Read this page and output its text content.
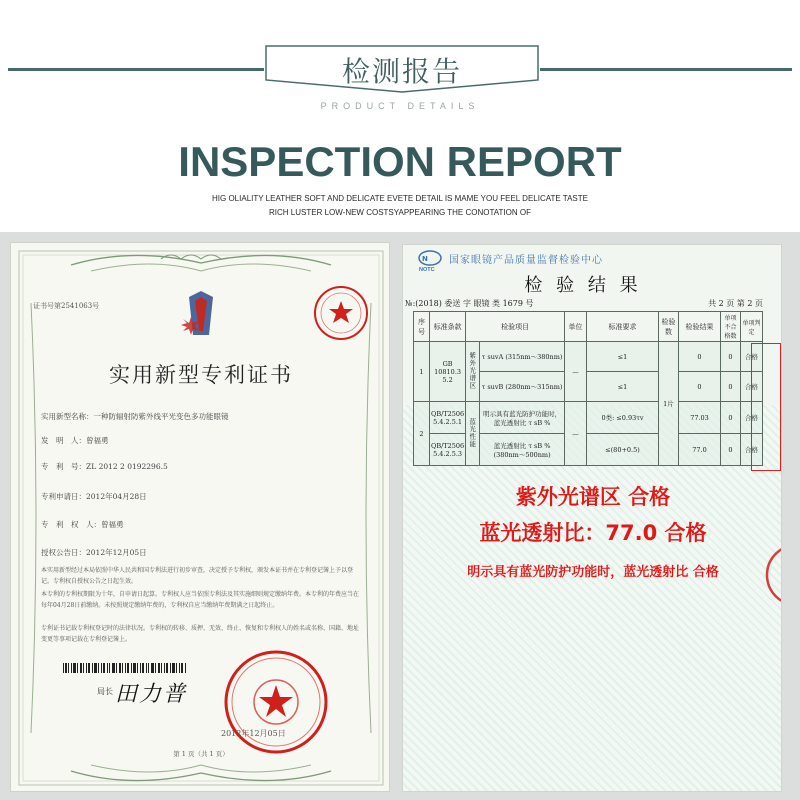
检测报告
PRODUCT DETAILS
INSPECTION REPORT
HIG OLIALITY LEATHER SOFT AND DELICATE EVETE DETAIL IS MAME YOU FEEL DELICATE TASTE
RICH LUSTER LOW-NEW COSTSYAPPEARING THE CONOTATION OF
证书号第2541063号
实用新型专利证书
实用新型名称：一种防辐射防紫外线平光变色多功能眼镜
发　明　人：曾福勇
专　利　号：ZL 2012 2 0192296.5
专利申请日：2012年04月28日
专　利　权　人：曾福勇
授权公告日：2012年12月05日
本实用新型经过本局依照中华人民共和国专利法进行初步审查，决定授予专利权，颁发本证书并在专利登记簿上予以登记。专利权自授权公告之日起生效。
本专利的专利权期限为十年，自申请日起算。专利权人应当依照专利法及其实施细则规定缴纳年费。本专利的年费应当在每年04月28日前缴纳。未按照规定缴纳年费的，专利权自应当缴纳年费期满之日起终止。
专利证书记载专利权登记时的法律状况。专利权的转移、质押、无效、终止、恢复和专利权人的姓名或名称、国籍、地址变更等事项记载在专利登记簿上。
局长 田力普
2012年12月05日
第 1 页（共 1 页）
N
NOTC
国家眼镜产品质量监督检验中心
检 验 结 果
№:(2018) 委送 字 眼镜 类 1679 号	共 2 页 第 2 页
序号	标准条款	检验项目		单位	标准要求	检验数	检验结果	单项不合格数	单项判定
1	GB 10810.3 5.2	紫外光谱区	τ suvA (315nm～380nm)	—	≤1	1片	0	0	合格
			τ suvB (280nm～315nm)		≤1		0	0	合格
2	QB/T2506 5.4.2.5.1	蓝光性能	明示具有蓝光防护功能时，蓝光透射比 τ sB %	—	0类: ≤0.93τv		77.03	0	合格
	QB/T2506 5.4.2.5.3		蓝光透射比 τ sB % (380nm～500nm)		≤(80+0.5)		77.0	0	合格
紫外光谱区 合格
蓝光透射比：77.0 合格
明示具有蓝光防护功能时，蓝光透射比 合格
